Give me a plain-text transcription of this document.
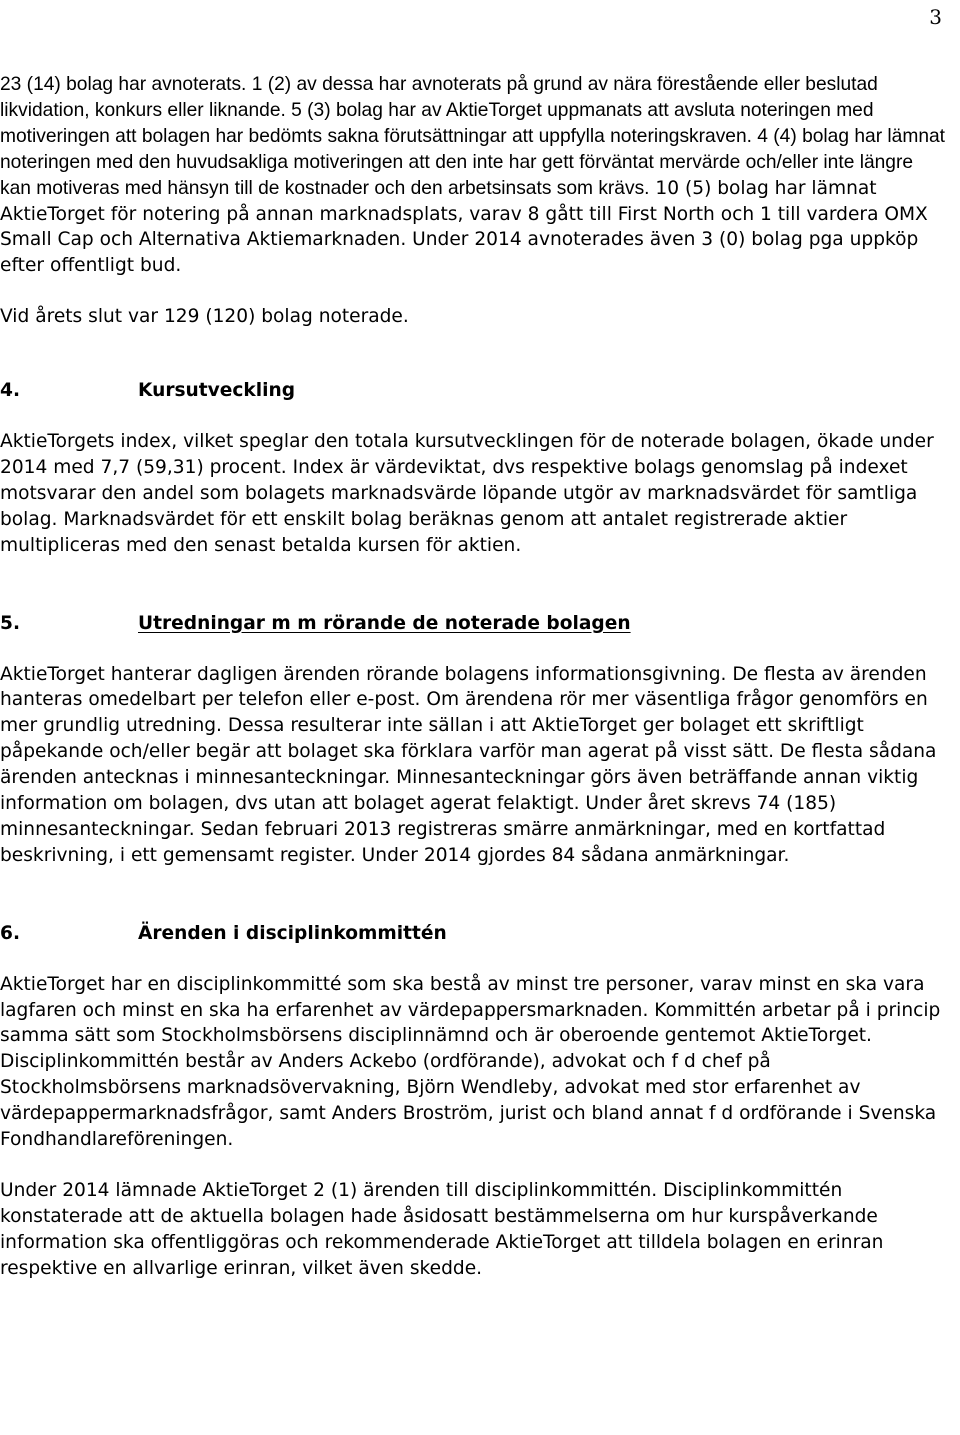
3

23 (14) bolag har avnoterats. 1 (2) av dessa har avnoterats på grund av nära förestående eller beslutad likvidation, konkurs eller liknande. 5 (3) bolag har av AktieTorget uppmanats att avsluta noteringen med motiveringen att bolagen har bedömts sakna förutsättningar att uppfylla noteringskraven. 4 (4) bolag har lämnat noteringen med den huvudsakliga motiveringen att den inte har gett förväntat mervärde och/eller inte längre kan motiveras med hänsyn till de kostnader och den arbetsinsats som krävs. 10 (5) bolag har lämnat AktieTorget för notering på annan marknadsplats, varav 8 gått till First North och 1 till vardera OMX Small Cap och Alternativa Aktiemarknaden. Under 2014 avnoterades även 3 (0) bolag pga uppköp efter offentligt bud.

Vid årets slut var 129 (120) bolag noterade.

4.	Kursutveckling

AktieTorgets index, vilket speglar den totala kursutvecklingen för de noterade bolagen, ökade under 2014 med 7,7 (59,31) procent. Index är värdeviktat, dvs respektive bolags genomslag på indexet motsvarar den andel som bolagets marknadsvärde löpande utgör av marknadsvärdet för samtliga bolag. Marknadsvärdet för ett enskilt bolag beräknas genom att antalet registrerade aktier multipliceras med den senast betalda kursen för aktien.

5.	Utredningar m m rörande de noterade bolagen

AktieTorget hanterar dagligen ärenden rörande bolagens informationsgivning. De flesta av ärenden hanteras omedelbart per telefon eller e-post. Om ärendena rör mer väsentliga frågor genomförs en mer grundlig utredning. Dessa resulterar inte sällan i att AktieTorget ger bolaget ett skriftligt påpekande och/eller begär att bolaget ska förklara varför man agerat på visst sätt. De flesta sådana ärenden antecknas i minnesanteckningar. Minnesanteckningar görs även beträffande annan viktig information om bolagen, dvs utan att bolaget agerat felaktigt. Under året skrevs 74 (185) minnesanteckningar. Sedan februari 2013 registreras smärre anmärkningar, med en kortfattad beskrivning, i ett gemensamt register. Under 2014 gjordes 84 sådana anmärkningar.

6.	Ärenden i disciplinkommittén

AktieTorget har en disciplinkommitté som ska bestå av minst tre personer, varav minst en ska vara lagfaren och minst en ska ha erfarenhet av värdepappersmarknaden. Kommittén arbetar på i princip samma sätt som Stockholmsbörsens disciplinnämnd och är oberoende gentemot AktieTorget. Disciplinkommittén består av Anders Ackebo (ordförande), advokat och f d chef på Stockholmsbörsens marknadsövervakning, Björn Wendleby, advokat med stor erfarenhet av värdepappermarknadsfrågor, samt Anders Broström, jurist och bland annat f d ordförande i Svenska Fondhandlareföreningen.

Under 2014 lämnade AktieTorget 2 (1) ärenden till disciplinkommittén. Disciplinkommittén konstaterade att de aktuella bolagen hade åsidosatt bestämmelserna om hur kurspåverkande information ska offentliggöras och rekommenderade AktieTorget att tilldela bolagen en erinran respektive en allvarlige erinran, vilket även skedde.
